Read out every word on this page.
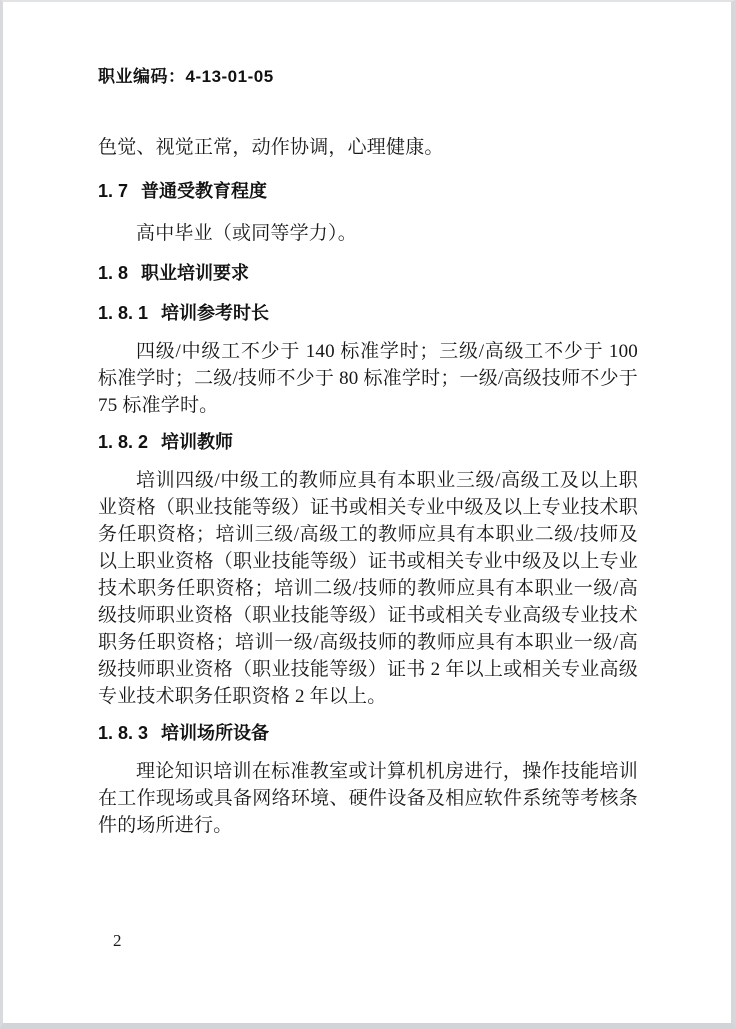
职业编码：4-13-01-05

色觉、视觉正常，动作协调，心理健康。

1. 7 普通受教育程度

高中毕业（或同等学力）。

1. 8 职业培训要求
1. 8. 1 培训参考时长

四级/中级工不少于 140 标准学时；三级/高级工不少于 100 标准学时；二级/技师不少于 80 标准学时；一级/高级技师不少于 75 标准学时。

1. 8. 2 培训教师

培训四级/中级工的教师应具有本职业三级/高级工及以上职业资格（职业技能等级）证书或相关专业中级及以上专业技术职务任职资格；培训三级/高级工的教师应具有本职业二级/技师及以上职业资格（职业技能等级）证书或相关专业中级及以上专业技术职务任职资格；培训二级/技师的教师应具有本职业一级/高级技师职业资格（职业技能等级）证书或相关专业高级专业技术职务任职资格；培训一级/高级技师的教师应具有本职业一级/高级技师职业资格（职业技能等级）证书 2 年以上或相关专业高级专业技术职务任职资格 2 年以上。

1. 8. 3 培训场所设备

理论知识培训在标准教室或计算机机房进行，操作技能培训在工作现场或具备网络环境、硬件设备及相应软件系统等考核条件的场所进行。

2
